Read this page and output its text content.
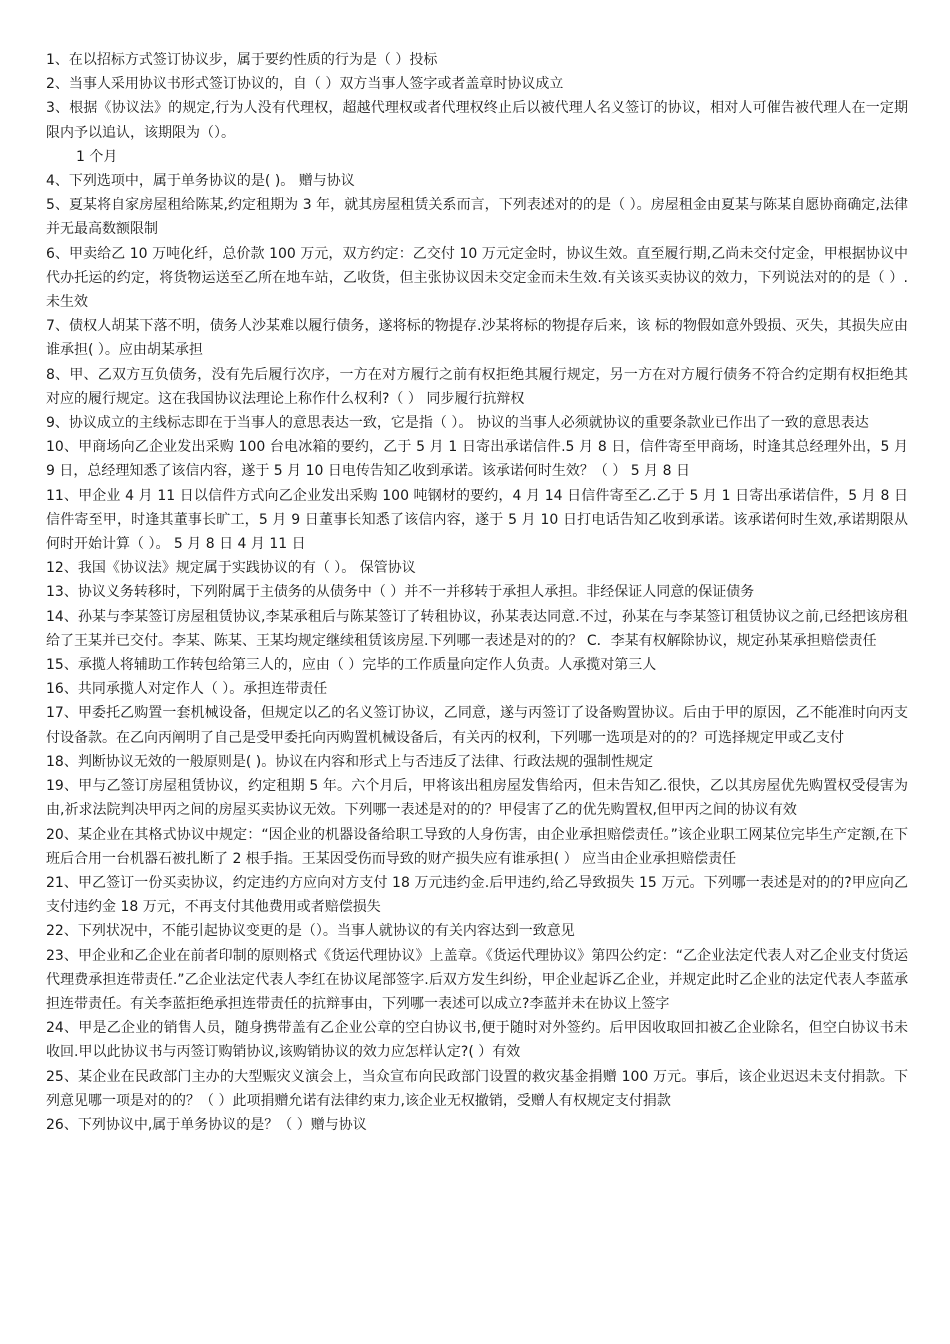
1、在以招标方式签订协议步，属于要约性质的行为是（ ）投标

2、当事人采用协议书形式签订协议的，自（ ）双方当事人签字或者盖章时协议成立

3、根据《协议法》的规定,行为人没有代理权，超越代理权或者代理权终止后以被代理人名义签订的协议，相对人可催告被代理人在一定期限内予以追认，该期限为（）。

1 个月

4、下列选项中，属于单务协议的是( )。 赠与协议

5、夏某将自家房屋租给陈某,约定租期为 3 年，就其房屋租赁关系而言，下列表述对的的是（ ）。房屋租金由夏某与陈某自愿协商确定,法律并无最高数额限制

6、甲卖给乙 10 万吨化纤，总价款 100 万元，双方约定：乙交付 10 万元定金时，协议生效。直至履行期,乙尚未交付定金，甲根据协议中代办托运的约定，将货物运送至乙所在地车站，乙收货，但主张协议因未交定金而未生效.有关该买卖协议的效力，下列说法对的的是（ ）. 未生效

7、债权人胡某下落不明，债务人沙某难以履行债务，遂将标的物提存.沙某将标的物提存后来，该 标的物假如意外毁损、灭失，其损失应由谁承担( ）。应由胡某承担

8、甲、乙双方互负债务，没有先后履行次序，一方在对方履行之前有权拒绝其履行规定，另一方在对方履行债务不符合约定期有权拒绝其对应的履行规定。这在我国协议法理论上称作什么权利?（ ） 同步履行抗辩权

9、协议成立的主线标志即在于当事人的意思表达一致，它是指（ ）。 协议的当事人必须就协议的重要条款业已作出了一致的意思表达

10、甲商场向乙企业发出采购 100 台电冰箱的要约，乙于 5 月 1 日寄出承诺信件.5 月 8 日，信件寄至甲商场，时逢其总经理外出，5 月 9 日，总经理知悉了该信内容，遂于 5 月 10 日电传告知乙收到承诺。该承诺何时生效？（ ） 5 月 8 日

11、甲企业 4 月 11 日以信件方式向乙企业发出采购 100 吨钢材的要约，4 月 14 日信件寄至乙.乙于 5 月 1 日寄出承诺信件，5 月 8 日信件寄至甲，时逢其董事长旷工，5 月 9 日董事长知悉了该信内容，遂于 5 月 10 日打电话告知乙收到承诺。该承诺何时生效,承诺期限从何时开始计算（ ）。 5 月 8 日 4 月 11 日

12、我国《协议法》规定属于实践协议的有（ ）。 保管协议

13、协议义务转移时，下列附属于主债务的从债务中（ ）并不一并移转于承担人承担。非经保证人同意的保证债务

14、孙某与李某签订房屋租赁协议,李某承租后与陈某签订了转租协议，孙某表达同意.不过，孙某在与李某签订租赁协议之前,已经把该房租给了王某并已交付。李某、陈某、王某均规定继续租赁该房屋.下列哪一表述是对的的？ C．李某有权解除协议，规定孙某承担赔偿责任

15、承揽人将辅助工作转包给第三人的，应由（ ）完毕的工作质量向定作人负责。人承揽对第三人

16、共同承揽人对定作人（ ）。承担连带责任

17、甲委托乙购置一套机械设备，但规定以乙的名义签订协议，乙同意，遂与丙签订了设备购置协议。后由于甲的原因，乙不能准时向丙支付设备款。在乙向丙阐明了自己是受甲委托向丙购置机械设备后，有关丙的权利，下列哪一选项是对的的？可选择规定甲或乙支付

18、判断协议无效的一般原则是( )。协议在内容和形式上与否违反了法律、行政法规的强制性规定

19、甲与乙签订房屋租赁协议，约定租期 5 年。六个月后，甲将该出租房屋发售给丙，但未告知乙.很快，乙以其房屋优先购置权受侵害为由,祈求法院判决甲丙之间的房屋买卖协议无效。下列哪一表述是对的的？甲侵害了乙的优先购置权,但甲丙之间的协议有效

20、某企业在其格式协议中规定：“因企业的机器设备给职工导致的人身伤害，由企业承担赔偿责任。”该企业职工网某位完毕生产定额,在下班后合用一台机器石被扎断了 2 根手指。王某因受伤而导致的财产损失应有谁承担( ） 应当由企业承担赔偿责任

21、甲乙签订一份买卖协议，约定违约方应向对方支付 18 万元违约金.后甲违约,给乙导致损失 15 万元。下列哪一表述是对的的?甲应向乙支付违约金 18 万元，不再支付其他费用或者赔偿损失

22、下列状况中，不能引起协议变更的是（）。当事人就协议的有关内容达到一致意见

23、甲企业和乙企业在前者印制的原则格式《货运代理协议》上盖章。《货运代理协议》第四公约定：“乙企业法定代表人对乙企业支付货运代理费承担连带责任.”乙企业法定代表人李红在协议尾部签字.后双方发生纠纷，甲企业起诉乙企业，并规定此时乙企业的法定代表人李蓝承担连带责任。有关李蓝拒绝承担连带责任的抗辩事由，下列哪一表述可以成立?李蓝并未在协议上签字

24、甲是乙企业的销售人员，随身携带盖有乙企业公章的空白协议书,便于随时对外签约。后甲因收取回扣被乙企业除名，但空白协议书未收回.甲以此协议书与丙签订购销协议,该购销协议的效力应怎样认定?( ）有效

25、某企业在民政部门主办的大型赈灾义演会上，当众宣布向民政部门设置的救灾基金捐赠 100 万元。事后，该企业迟迟未支付捐款。下列意见哪一项是对的的？（ ）此项捐赠允诺有法律约束力,该企业无权撤销，受赠人有权规定支付捐款

26、下列协议中,属于单务协议的是？（ ）赠与协议
